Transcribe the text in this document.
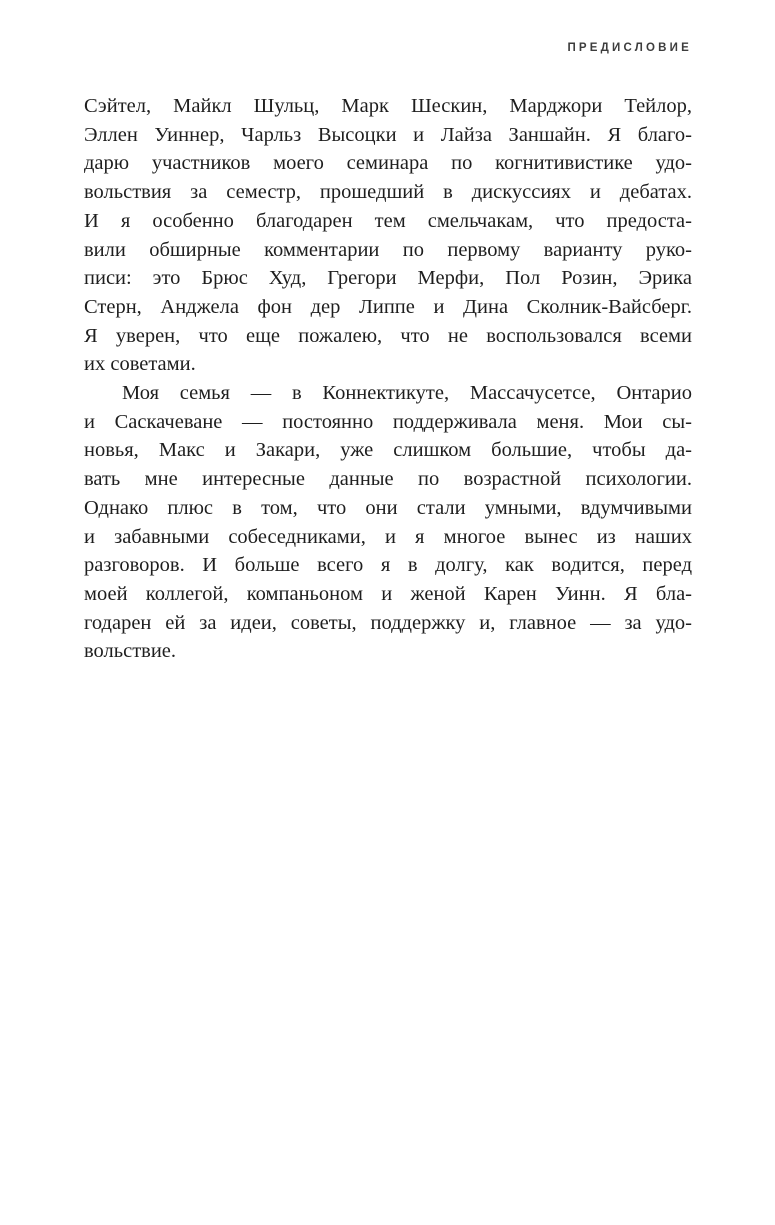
ПРЕДИСЛОВИЕ
Сэйтел, Майкл Шульц, Марк Шескин, Марджори Тейлор,
Эллен Уиннер, Чарльз Высоцки и Лайза Заншайн. Я благо-
дарю участников моего семинара по когнитивистике удо-
вольствия за семестр, прошедший в дискуссиях и дебатах.
И я особенно благодарен тем смельчакам, что предоста-
вили обширные комментарии по первому варианту руко-
писи: это Брюс Худ, Грегори Мерфи, Пол Розин, Эрика
Стерн, Анджела фон дер Липпе и Дина Сколник-Вайсберг.
Я уверен, что еще пожалею, что не воспользовался всеми
их советами.
Моя семья — в Коннектикуте, Массачусетсе, Онтарио
и Саскачеване — постоянно поддерживала меня. Мои сы-
новья, Макс и Закари, уже слишком большие, чтобы да-
вать мне интересные данные по возрастной психологии.
Однако плюс в том, что они стали умными, вдумчивыми
и забавными собеседниками, и я многое вынес из наших
разговоров. И больше всего я в долгу, как водится, перед
моей коллегой, компаньоном и женой Карен Уинн. Я бла-
годарен ей за идеи, советы, поддержку и, главное — за удо-
вольствие.
